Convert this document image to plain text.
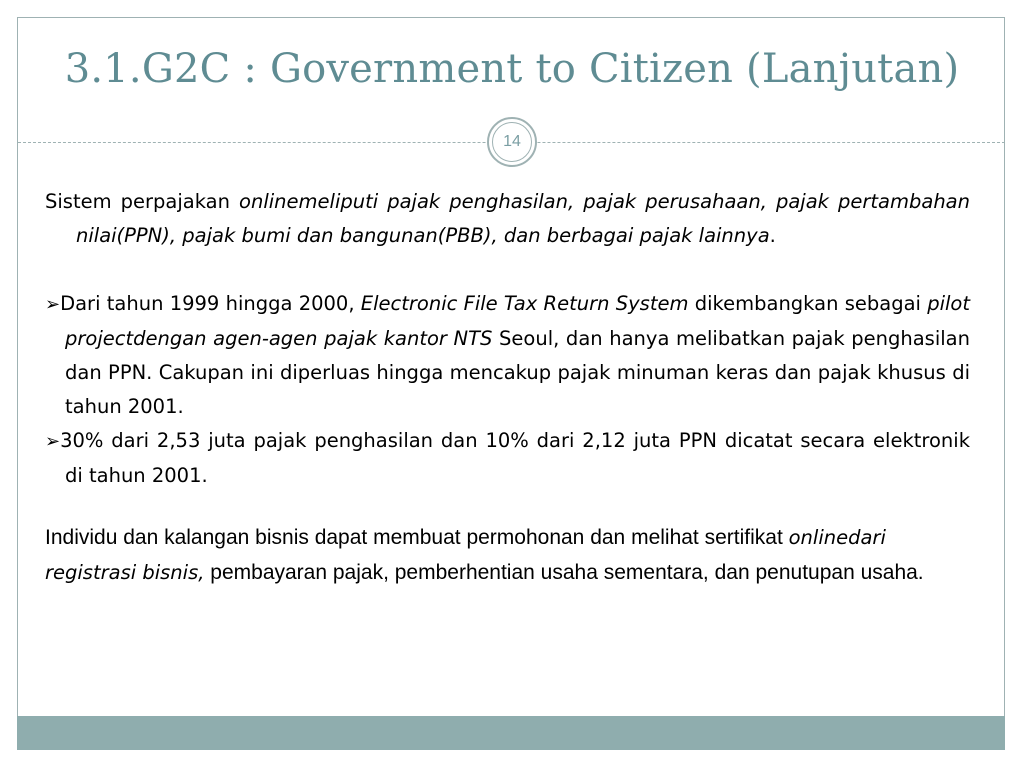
3.1.G2C : Government to Citizen (Lanjutan)
14
Sistem perpajakan onlinemeliputi pajak penghasilan, pajak perusahaan, pajak pertambahan nilai(PPN), pajak bumi dan bangunan(PBB), dan berbagai pajak lainnya.
➢Dari tahun 1999 hingga 2000, Electronic File Tax Return System dikembangkan sebagai pilot projectdengan agen-agen pajak kantor NTS Seoul, dan hanya melibatkan pajak penghasilan dan PPN. Cakupan ini diperluas hingga mencakup pajak minuman keras dan pajak khusus di tahun 2001.
➢30% dari 2,53 juta pajak penghasilan dan 10% dari 2,12 juta PPN dicatat secara elektronik di tahun 2001.
Individu dan kalangan bisnis dapat membuat permohonan dan melihat sertifikat onlinedari registrasi bisnis, pembayaran pajak, pemberhentian usaha sementara, dan penutupan usaha.
